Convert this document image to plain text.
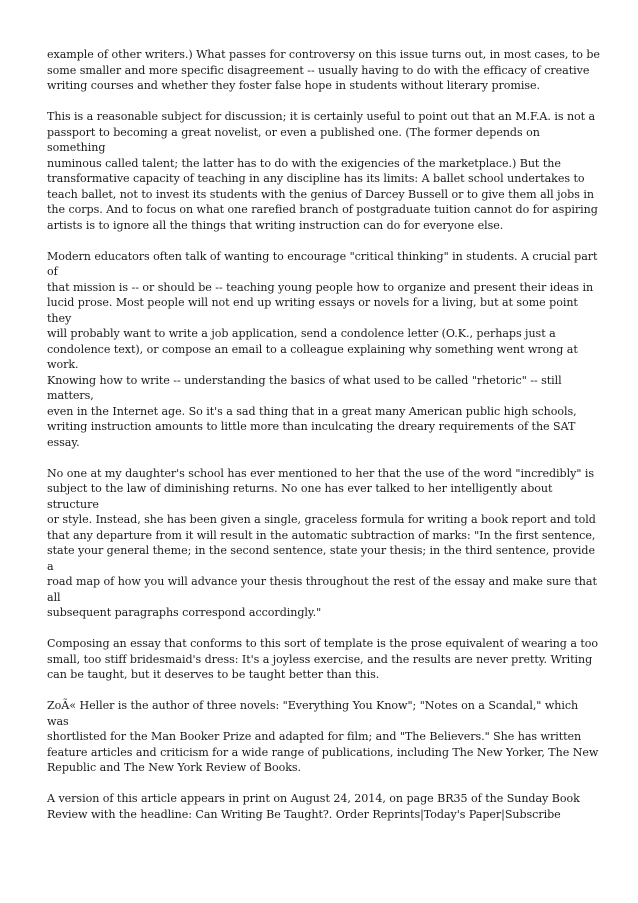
example of other writers.) What passes for controversy on this issue turns out, in most cases, to be
some smaller and more specific disagreement -- usually having to do with the efficacy of creative
writing courses and whether they foster false hope in students without literary promise.

This is a reasonable subject for discussion; it is certainly useful to point out that an M.F.A. is not a
passport to becoming a great novelist, or even a published one. (The former depends on something
numinous called talent; the latter has to do with the exigencies of the marketplace.) But the
transformative capacity of teaching in any discipline has its limits: A ballet school undertakes to
teach ballet, not to invest its students with the genius of Darcey Bussell or to give them all jobs in
the corps. And to focus on what one rarefied branch of postgraduate tuition cannot do for aspiring
artists is to ignore all the things that writing instruction can do for everyone else.

Modern educators often talk of wanting to encourage "critical thinking" in students. A crucial part of
that mission is -- or should be -- teaching young people how to organize and present their ideas in
lucid prose. Most people will not end up writing essays or novels for a living, but at some point they
will probably want to write a job application, send a condolence letter (O.K., perhaps just a
condolence text), or compose an email to a colleague explaining why something went wrong at work.
Knowing how to write -- understanding the basics of what used to be called "rhetoric" -- still matters,
even in the Internet age. So it's a sad thing that in a great many American public high schools,
writing instruction amounts to little more than inculcating the dreary requirements of the SAT essay.

No one at my daughter's school has ever mentioned to her that the use of the word "incredibly" is
subject to the law of diminishing returns. No one has ever talked to her intelligently about structure
or style. Instead, she has been given a single, graceless formula for writing a book report and told
that any departure from it will result in the automatic subtraction of marks: "In the first sentence,
state your general theme; in the second sentence, state your thesis; in the third sentence, provide a
road map of how you will advance your thesis throughout the rest of the essay and make sure that all
subsequent paragraphs correspond accordingly."

Composing an essay that conforms to this sort of template is the prose equivalent of wearing a too
small, too stiff bridesmaid's dress: It's a joyless exercise, and the results are never pretty. Writing
can be taught, but it deserves to be taught better than this.

ZoÃ« Heller is the author of three novels: "Everything You Know"; "Notes on a Scandal," which was
shortlisted for the Man Booker Prize and adapted for film; and "The Believers." She has written
feature articles and criticism for a wide range of publications, including The New Yorker, The New
Republic and The New York Review of Books.

A version of this article appears in print on August 24, 2014, on page BR35 of the Sunday Book
Review with the headline: Can Writing Be Taught?. Order Reprints|Today's Paper|Subscribe
